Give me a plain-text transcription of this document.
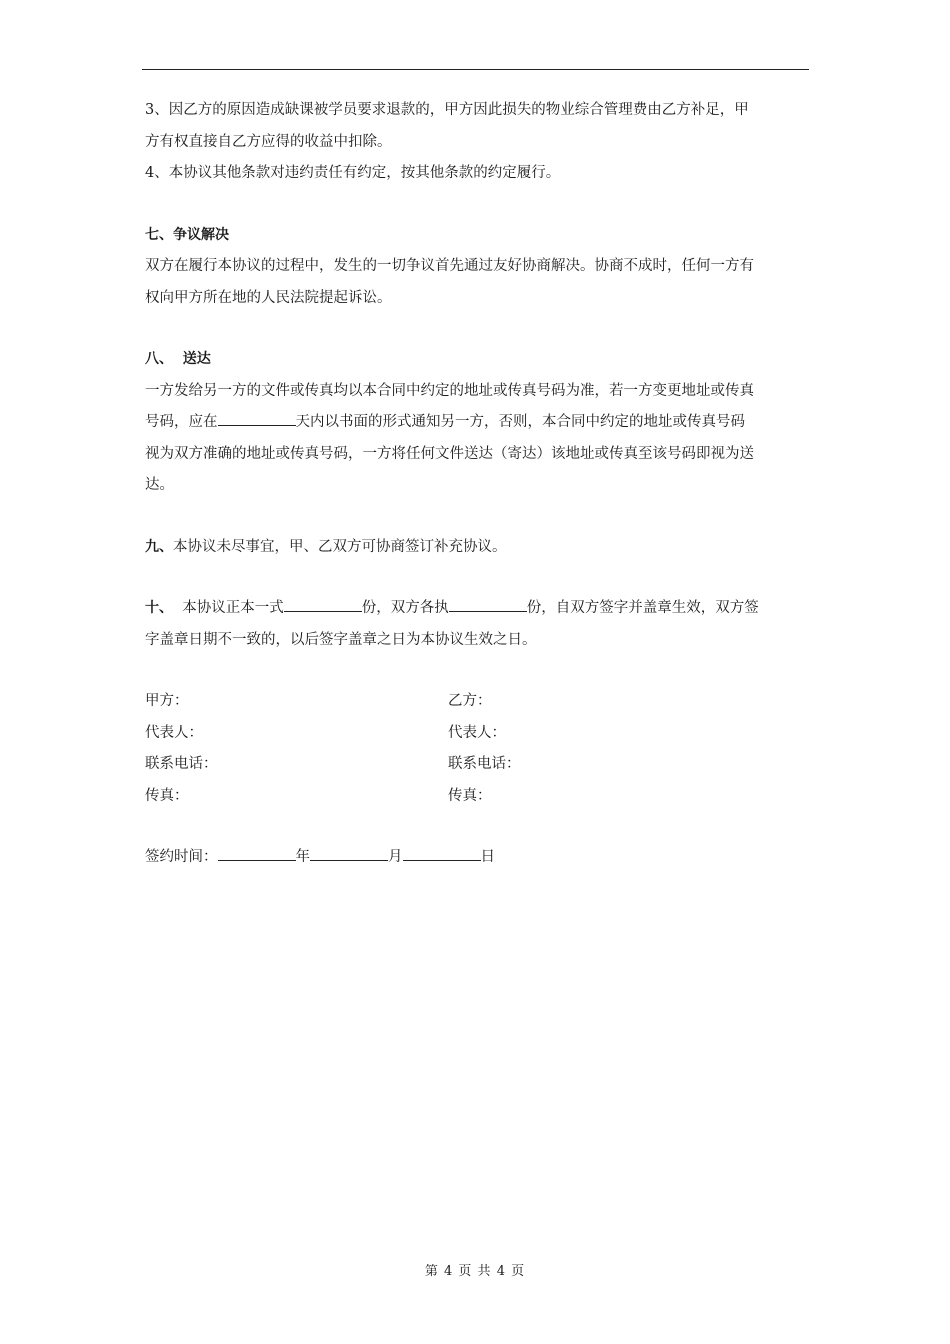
3、因乙方的原因造成缺课被学员要求退款的，甲方因此损失的物业综合管理费由乙方补足，甲

方有权直接自乙方应得的收益中扣除。

4、本协议其他条款对违约责任有约定，按其他条款的约定履行。

七、争议解决

双方在履行本协议的过程中，发生的一切争议首先通过友好协商解决。协商不成时，任何一方有

权向甲方所在地的人民法院提起诉讼。

八、  送达

一方发给另一方的文件或传真均以本合同中约定的地址或传真号码为准，若一方变更地址或传真

号码，应在	天内以书面的形式通知另一方，否则，本合同中约定的地址或传真号码

视为双方准确的地址或传真号码，一方将任何文件送达（寄达）该地址或传真至该号码即视为送

达。

九、本协议未尽事宜，甲、乙双方可协商签订补充协议。

十、  本协议正本一式	份，双方各执	份，自双方签字并盖章生效，双方签

字盖章日期不一致的，以后签字盖章之日为本协议生效之日。

甲方：	乙方：
代表人：	代表人：
联系电话：	联系电话：
传真：	传真：

签约时间：	年	月	日

第 4 页 共 4 页
